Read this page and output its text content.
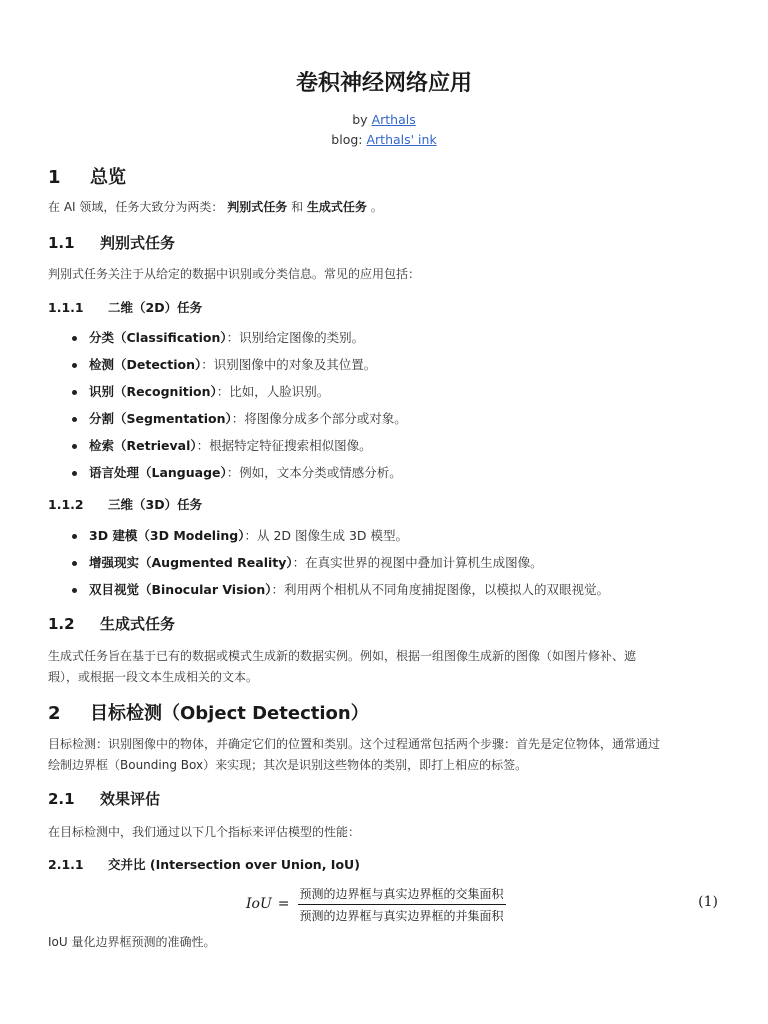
卷积神经网络应用
by Arthals
blog: Arthals' ink
1 总览
在 AI 领域，任务大致分为两类： 判别式任务 和 生成式任务 。
1.1 判别式任务
判别式任务关注于从给定的数据中识别或分类信息。常见的应用包括：
1.1.1 二维（2D）任务
分类（Classification）：识别给定图像的类别。
检测（Detection）：识别图像中的对象及其位置。
识别（Recognition）：比如，人脸识别。
分割（Segmentation）：将图像分成多个部分或对象。
检索（Retrieval）：根据特定特征搜索相似图像。
语言处理（Language）：例如，文本分类或情感分析。
1.1.2 三维（3D）任务
3D 建模（3D Modeling）：从 2D 图像生成 3D 模型。
增强现实（Augmented Reality）：在真实世界的视图中叠加计算机生成图像。
双目视觉（Binocular Vision）：利用两个相机从不同角度捕捉图像，以模拟人的双眼视觉。
1.2 生成式任务
生成式任务旨在基于已有的数据或模式生成新的数据实例。例如，根据一组图像生成新的图像（如图片修补、遮
瑕），或根据一段文本生成相关的文本。
2 目标检测（Object Detection）
目标检测：识别图像中的物体，并确定它们的位置和类别。这个过程通常包括两个步骤：首先是定位物体，通常通过
绘制边界框（Bounding Box）来实现；其次是识别这些物体的类别，即打上相应的标签。
2.1 效果评估
在目标检测中，我们通过以下几个指标来评估模型的性能：
2.1.1 交并比 (Intersection over Union, IoU)
IoU = $\frac{\text{预测的边界框与真实边界框的交集面积}}{\text{预测的边界框与真实边界框的并集面积}}$	(1)
IoU 量化边界框预测的准确性。
